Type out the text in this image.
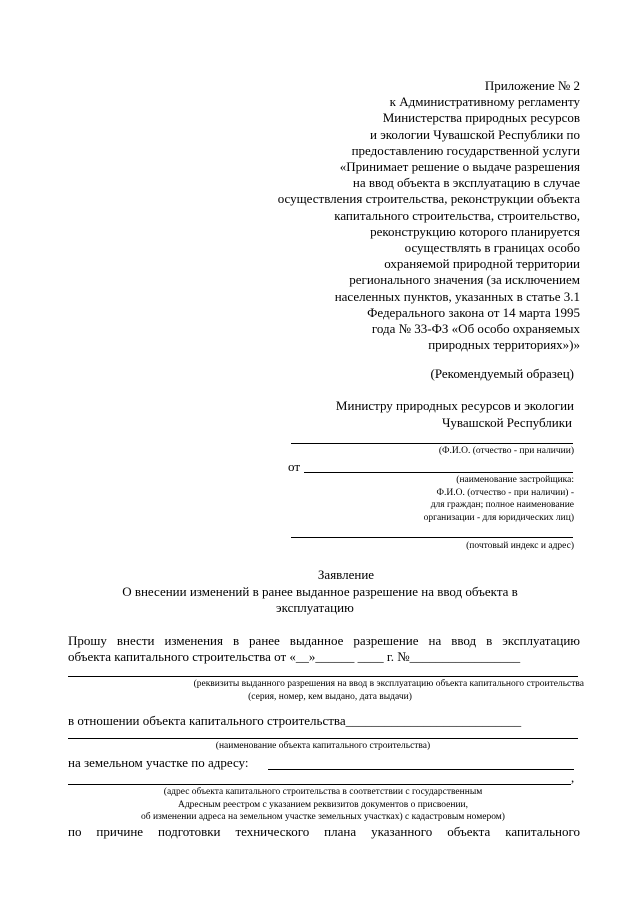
Приложение № 2
к Административному регламенту
Министерства природных ресурсов
и экологии Чувашской Республики по
предоставлению государственной услуги
«Принимает решение о выдаче разрешения
на ввод объекта в эксплуатацию в случае
осуществления строительства, реконструкции объекта
капитального строительства, строительство,
реконструкцию которого планируется
осуществлять в границах особо
охраняемой природной территории
регионального значения (за исключением
населенных пунктов, указанных в статье 3.1
Федерального закона от 14 марта 1995
года № 33-ФЗ «Об особо охраняемых
природных территориях»)»
(Рекомендуемый образец)
Министру природных ресурсов и экологии
Чувашской Республики
(Ф.И.О. (отчество - при наличии)
от
(наименование застройщика:
Ф.И.О. (отчество - при наличии) -
для граждан; полное наименование
организации - для юридических лиц)
(почтовый индекс и адрес)
Заявление
О внесении изменений в ранее выданное разрешение на ввод объекта в
эксплуатацию
Прошу внести изменения в ранее выданное разрешение на ввод в эксплуатацию
объекта капитального строительства от «__»______ ____ г. №_________________
(реквизиты выданного разрешения на ввод в эксплуатацию объекта капитального строительства
(серия, номер, кем выдано, дата выдачи)
в отношении объекта капитального строительства___________________________
(наименование объекта капитального строительства)
на земельном участке по адресу:
,
(адрес объекта капитального строительства в соответствии с государственным
Адресным реестром с указанием реквизитов документов о присвоении,
об изменении адреса на земельном участке земельных участках) с кадастровым номером)
по причине подготовки технического плана указанного объекта капитального
